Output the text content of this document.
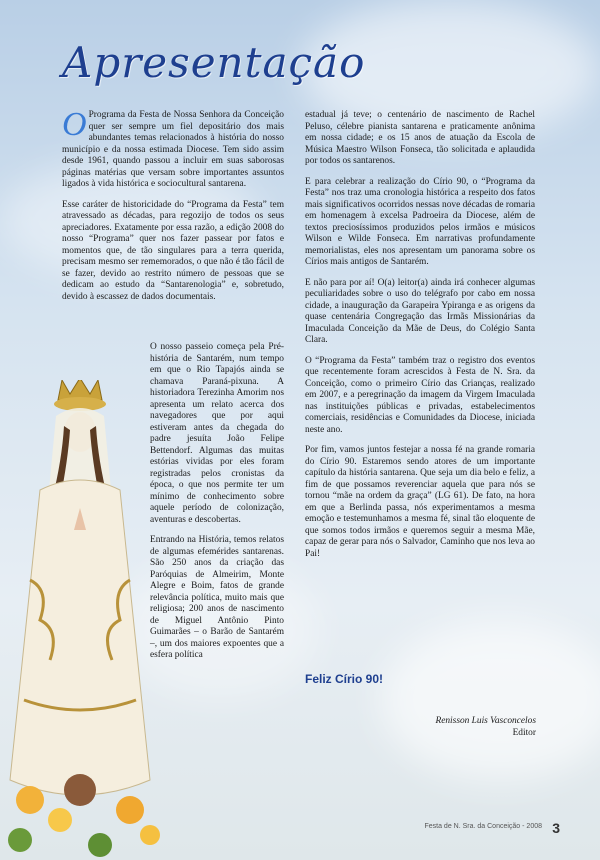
Apresentação

O Programa da Festa de Nossa Senhora da Conceição quer ser sempre um fiel depositário dos mais abundantes temas relacionados à história do nosso município e da nossa estimada Diocese. Tem sido assim desde 1961, quando passou a incluir em suas saborosas páginas matérias que versam sobre importantes assuntos ligados à vida histórica e sociocultural santarena.

Esse caráter de historicidade do “Programa da Festa” tem atravessado as décadas, para regozijo de todos os seus apreciadores. Exatamente por essa razão, a edição 2008 do nosso “Programa” quer nos fazer passear por fatos e momentos que, de tão singulares para a terra querida, precisam mesmo ser rememorados, o que não é tão fácil de se fazer, devido ao restrito número de pessoas que se dedicam ao estudo da “Santarenologia” e, sobretudo, devido à escassez de dados documentais.

O nosso passeio começa pela Pré-história de Santarém, num tempo em que o Rio Tapajós ainda se chamava Paraná-pixuna. A historiadora Terezinha Amorim nos apresenta um relato acerca dos navegadores que por aqui estiveram antes da chegada do padre jesuíta João Felipe Bettendorf. Algumas das muitas estórias vividas por eles foram registradas pelos cronistas da época, o que nos permite ter um mínimo de conhecimento sobre aquele período de colonização, aventuras e descobertas.

Entrando na História, temos relatos de algumas efemérides santarenas. São 250 anos da criação das Paróquias de Almeirim, Monte Alegre e Boim, fatos de grande relevância política, muito mais que religiosa; 200 anos de nascimento de Miguel Antônio Pinto Guimarães – o Barão de Santarém –, um dos maiores expoentes que a esfera política

estadual já teve; o centenário de nascimento de Rachel Peluso, célebre pianista santarena e praticamente anônima em nossa cidade; e os 15 anos de atuação da Escola de Música Maestro Wilson Fonseca, tão solicitada e aplaudida por todos os santarenos.

E para celebrar a realização do Círio 90, o “Programa da Festa” nos traz uma cronologia histórica a respeito dos fatos mais significativos ocorridos nessas nove décadas de romaria em homenagem à excelsa Padroeira da Diocese, além de textos preciosíssimos produzidos pelos irmãos e músicos Wilson e Wilde Fonseca. Em narrativas profundamente memorialistas, eles nos apresentam um panorama sobre os Círios mais antigos de Santarém.

E não para por aí! O(a) leitor(a) ainda irá conhecer algumas peculiaridades sobre o uso do telégrafo por cabo em nossa cidade, a inauguração da Garapeira Ypiranga e as origens da quase centenária Congregação das Irmãs Missionárias da Imaculada Conceição da Mãe de Deus, do Colégio Santa Clara.

O “Programa da Festa” também traz o registro dos eventos que recentemente foram acrescidos à Festa de N. Sra. da Conceição, como o primeiro Círio das Crianças, realizado em 2007, e a peregrinação da imagem da Virgem Imaculada nas instituições públicas e privadas, estabelecimentos comerciais, residências e Comunidades da Diocese, iniciada neste ano.

Por fim, vamos juntos festejar a nossa fé na grande romaria do Círio 90. Estaremos sendo atores de um importante capítulo da história santarena. Que seja um dia belo e feliz, a fim de que possamos reverenciar aquela que para nós se tornou “mãe na ordem da graça” (LG 61). De fato, na hora em que a Berlinda passa, nós experimentamos a mesma emoção e testemunhamos a mesma fé, sinal tão eloquente de que somos todos irmãos e queremos seguir a mesma Mãe, capaz de gerar para nós o Salvador, Caminho que nos leva ao Pai!

Feliz Círio 90!
Renisson Luis Vasconcelos
Editor
Festa de N. Sra. da Conceição - 2008 3
